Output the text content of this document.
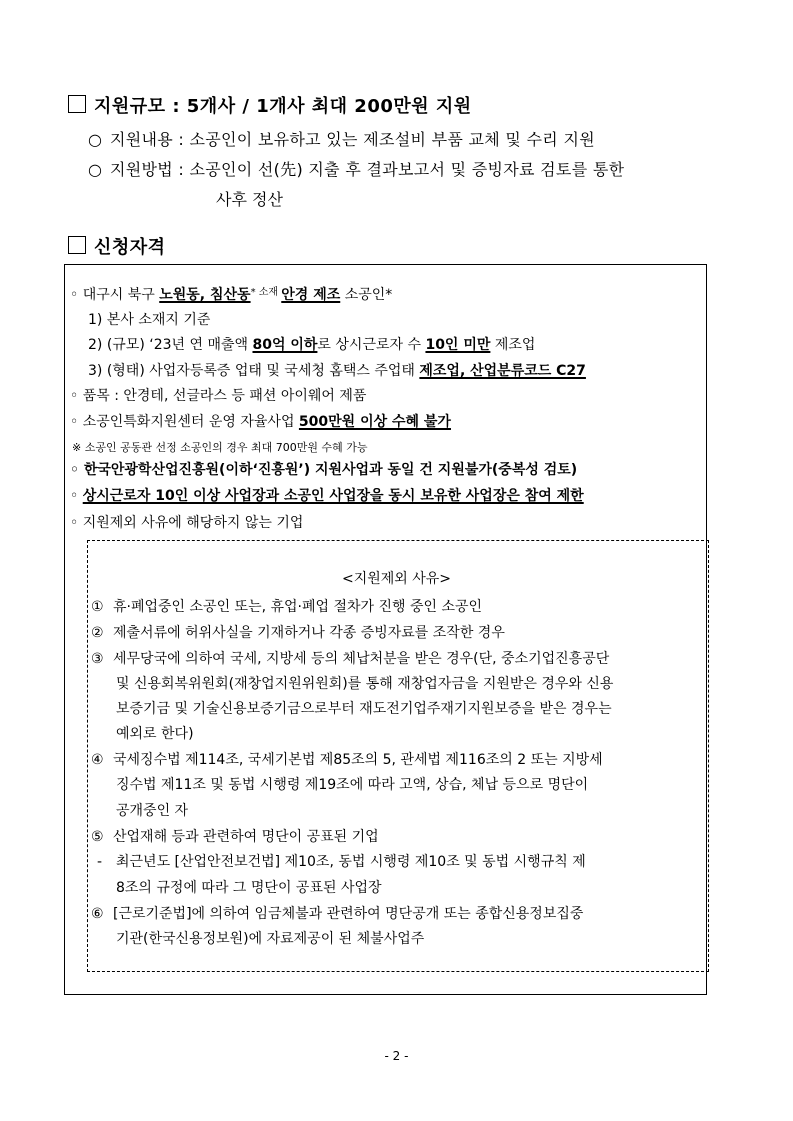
지원규모 : 5개사 / 1개사 최대 200만원 지원
○ 지원내용 : 소공인이 보유하고 있는 제조설비 부품 교체 및 수리 지원
○ 지원방법 : 소공인이 선(先) 지출 후 결과보고서 및 증빙자료 검토를 통한
사후 정산
신청자격
◦ 대구시 북구 노원동, 침산동$^{* 소재}$ 안경 제조 소공인*
1) 본사 소재지 기준
2) (규모) ‘23년 연 매출액 80억 이하로 상시근로자 수 10인 미만 제조업
3) (형태) 사업자등록증 업태 및 국세청 홈택스 주업태 제조업, 산업분류코드 C27
◦ 품목 : 안경테, 선글라스 등 패션 아이웨어 제품
◦ 소공인특화지원센터 운영 자율사업 500만원 이상 수혜 불가
※ 소공인 공동관 선정 소공인의 경우 최대 700만원 수혜 가능
◦ 한국안광학산업진흥원(이하‘진흥원’) 지원사업과 동일 건 지원불가(중복성 검토)
◦ 상시근로자 10인 이상 사업장과 소공인 사업장을 동시 보유한 사업장은 참여 제한
◦ 지원제외 사유에 해당하지 않는 기업
<지원제외 사유>
① 휴·폐업중인 소공인 또는, 휴업·폐업 절차가 진행 중인 소공인
② 제출서류에 허위사실을 기재하거나 각종 증빙자료를 조작한 경우
③ 세무당국에 의하여 국세, 지방세 등의 체납처분을 받은 경우(단, 중소기업진흥공단
및 신용회복위원회(재창업지원위원회)를 통해 재창업자금을 지원받은 경우와 신용
보증기금 및 기술신용보증기금으로부터 재도전기업주재기지원보증을 받은 경우는
예외로 한다)
④ 국세징수법 제114조, 국세기본법 제85조의 5, 관세법 제116조의 2 또는 지방세
징수법 제11조 및 동법 시행령 제19조에 따라 고액, 상습, 체납 등으로 명단이
공개중인 자
⑤ 산업재해 등과 관련하여 명단이 공표된 기업
- 최근년도 [산업안전보건법] 제10조, 동법 시행령 제10조 및 동법 시행규칙 제
8조의 규정에 따라 그 명단이 공표된 사업장
⑥ [근로기준법]에 의하여 임금체불과 관련하여 명단공개 또는 종합신용정보집중
기관(한국신용정보원)에 자료제공이 된 체불사업주
- 2 -
